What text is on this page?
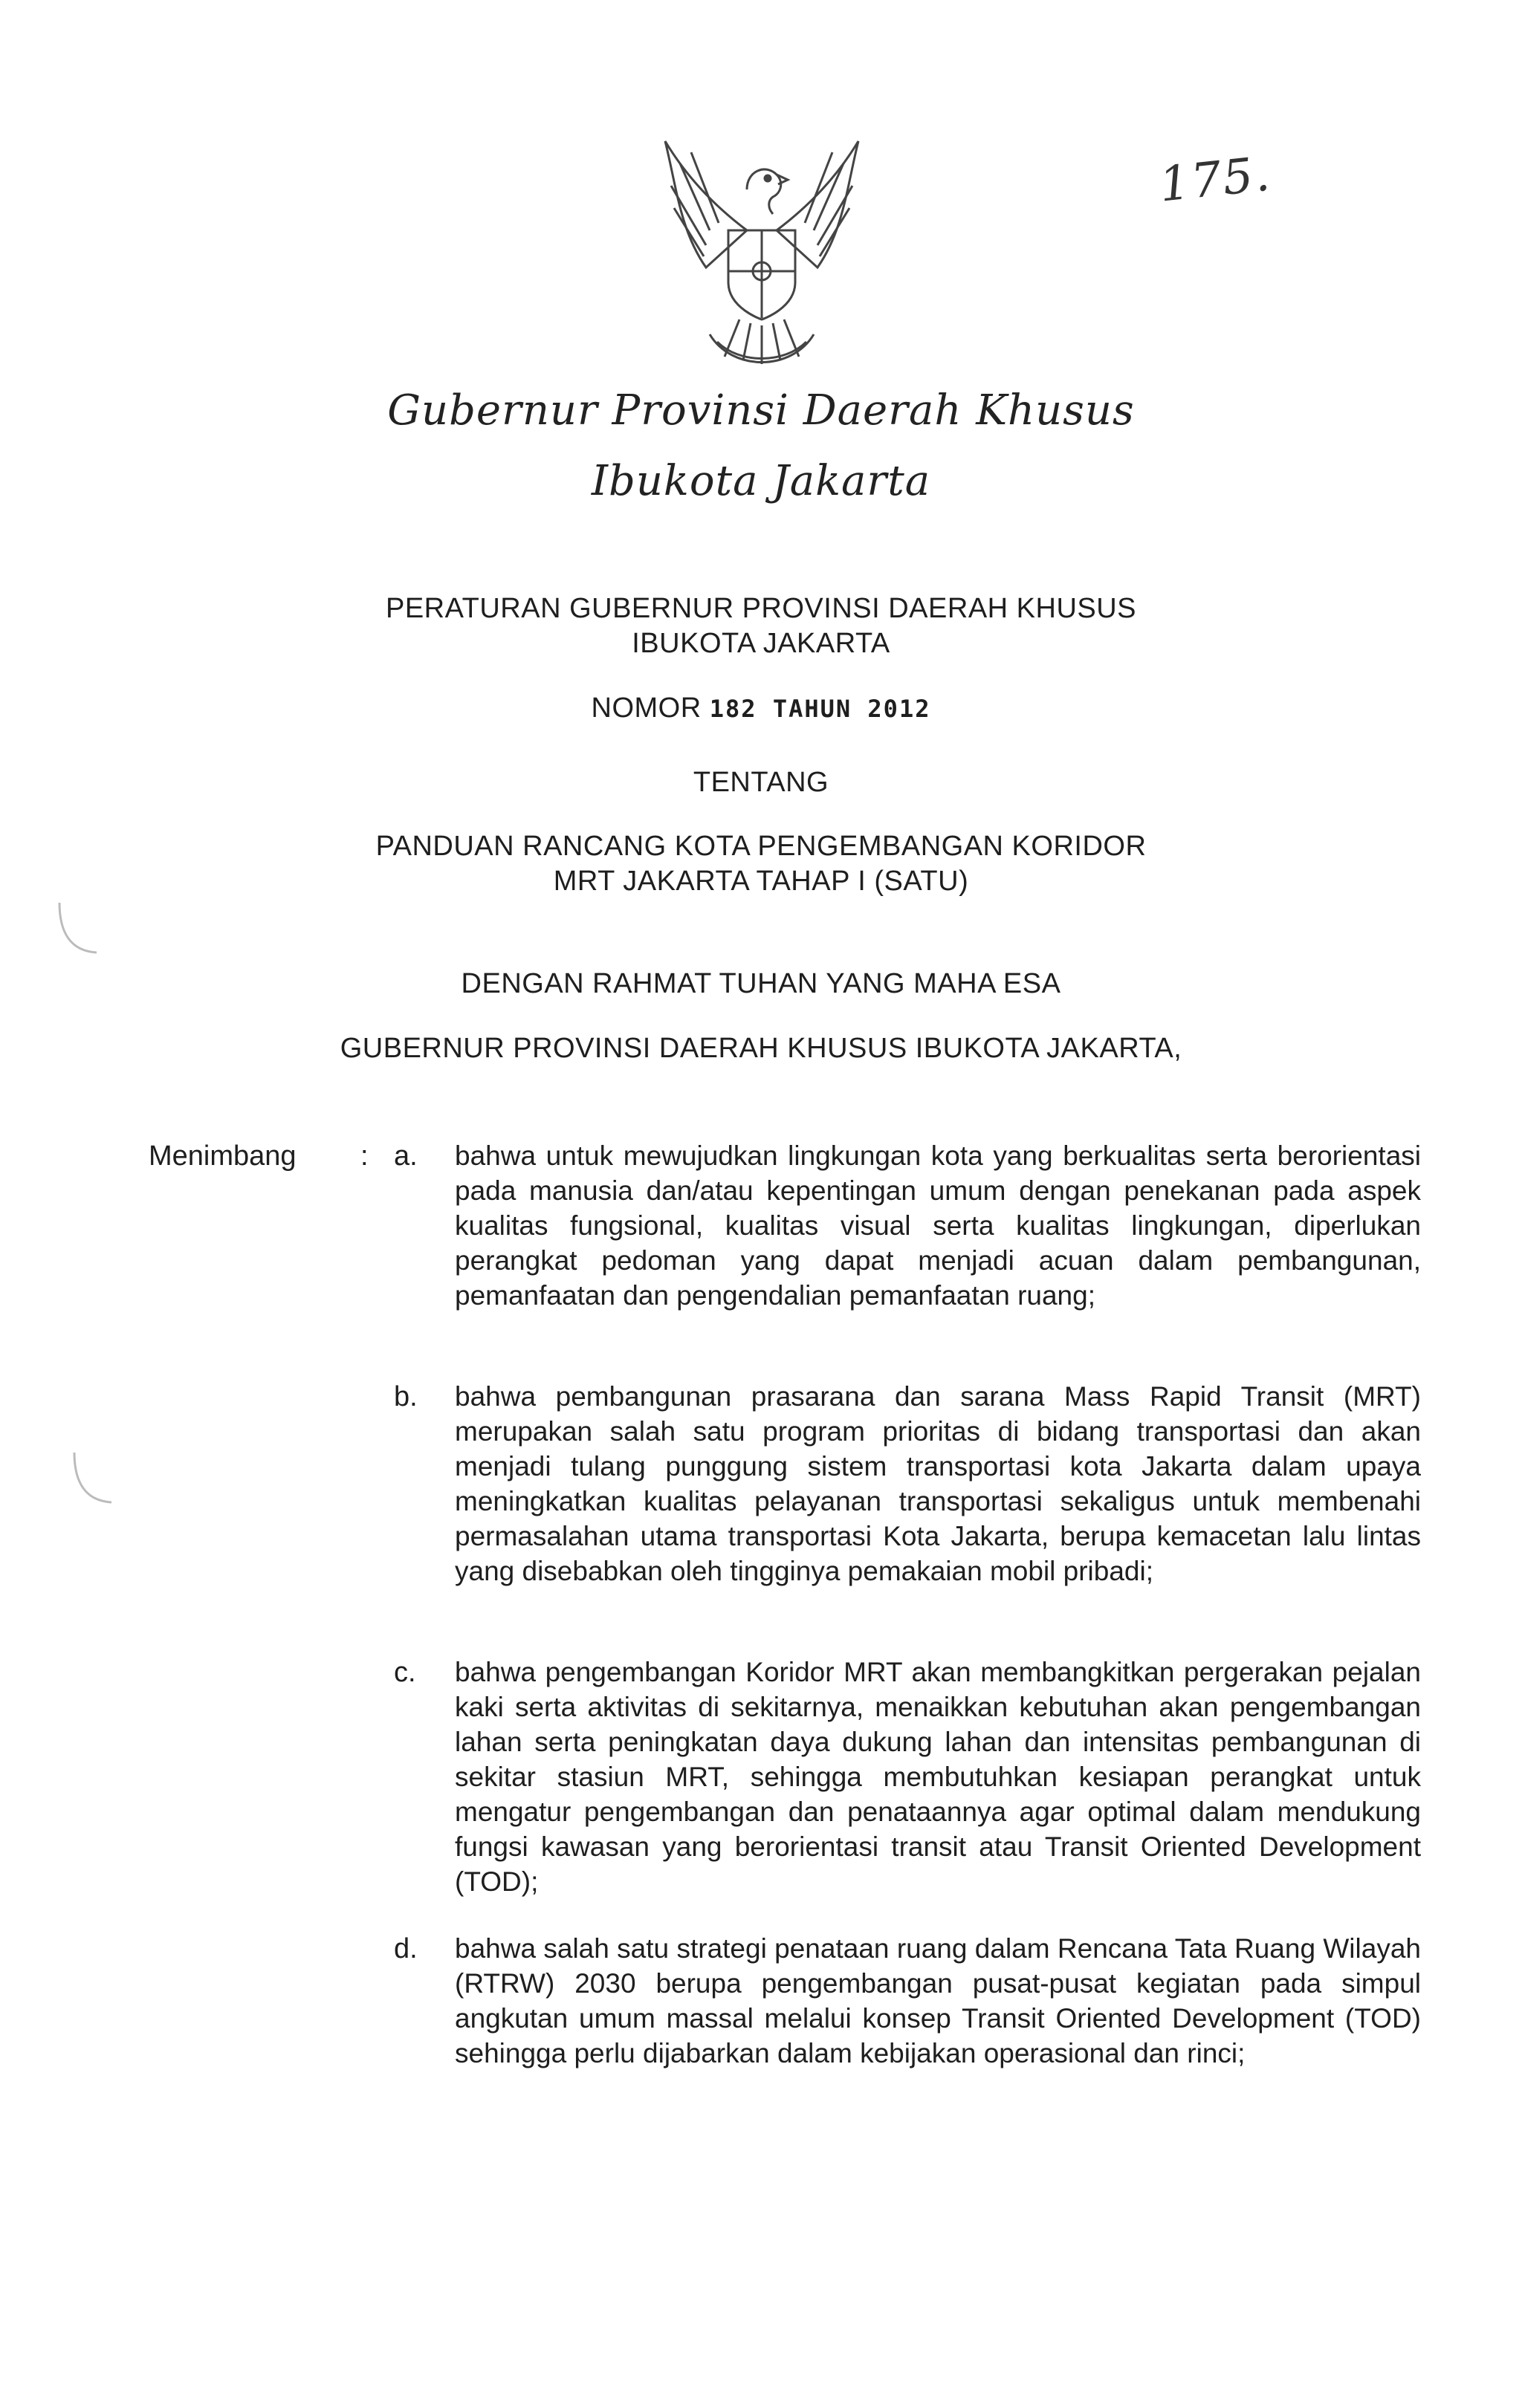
175.
Gubernur Provinsi Daerah Khusus
Ibukota Jakarta
PERATURAN GUBERNUR PROVINSI DAERAH KHUSUS
IBUKOTA JAKARTA
NOMOR 182 TAHUN 2012
TENTANG
PANDUAN RANCANG KOTA PENGEMBANGAN KORIDOR
MRT JAKARTA TAHAP I (SATU)
DENGAN RAHMAT TUHAN YANG MAHA ESA
GUBERNUR PROVINSI DAERAH KHUSUS IBUKOTA JAKARTA,
Menimbang : a. bahwa untuk mewujudkan lingkungan kota yang berkualitas serta berorientasi pada manusia dan/atau kepentingan umum dengan penekanan pada aspek kualitas fungsional, kualitas visual serta kualitas lingkungan, diperlukan perangkat pedoman yang dapat menjadi acuan dalam pembangunan, pemanfaatan dan pengendalian pemanfaatan ruang;

b. bahwa pembangunan prasarana dan sarana Mass Rapid Transit (MRT) merupakan salah satu program prioritas di bidang transportasi dan akan menjadi tulang punggung sistem transportasi kota Jakarta dalam upaya meningkatkan kualitas pelayanan transportasi sekaligus untuk membenahi permasalahan utama transportasi Kota Jakarta, berupa kemacetan lalu lintas yang disebabkan oleh tingginya pemakaian mobil pribadi;

c. bahwa pengembangan Koridor MRT akan membangkitkan pergerakan pejalan kaki serta aktivitas di sekitarnya, menaikkan kebutuhan akan pengembangan lahan serta peningkatan daya dukung lahan dan intensitas pembangunan di sekitar stasiun MRT, sehingga membutuhkan kesiapan perangkat untuk mengatur pengembangan dan penataannya agar optimal dalam mendukung fungsi kawasan yang berorientasi transit atau Transit Oriented Development (TOD);

d. bahwa salah satu strategi penataan ruang dalam Rencana Tata Ruang Wilayah (RTRW) 2030 berupa pengembangan pusat-pusat kegiatan pada simpul angkutan umum massal melalui konsep Transit Oriented Development (TOD) sehingga perlu dijabarkan dalam kebijakan operasional dan rinci;
